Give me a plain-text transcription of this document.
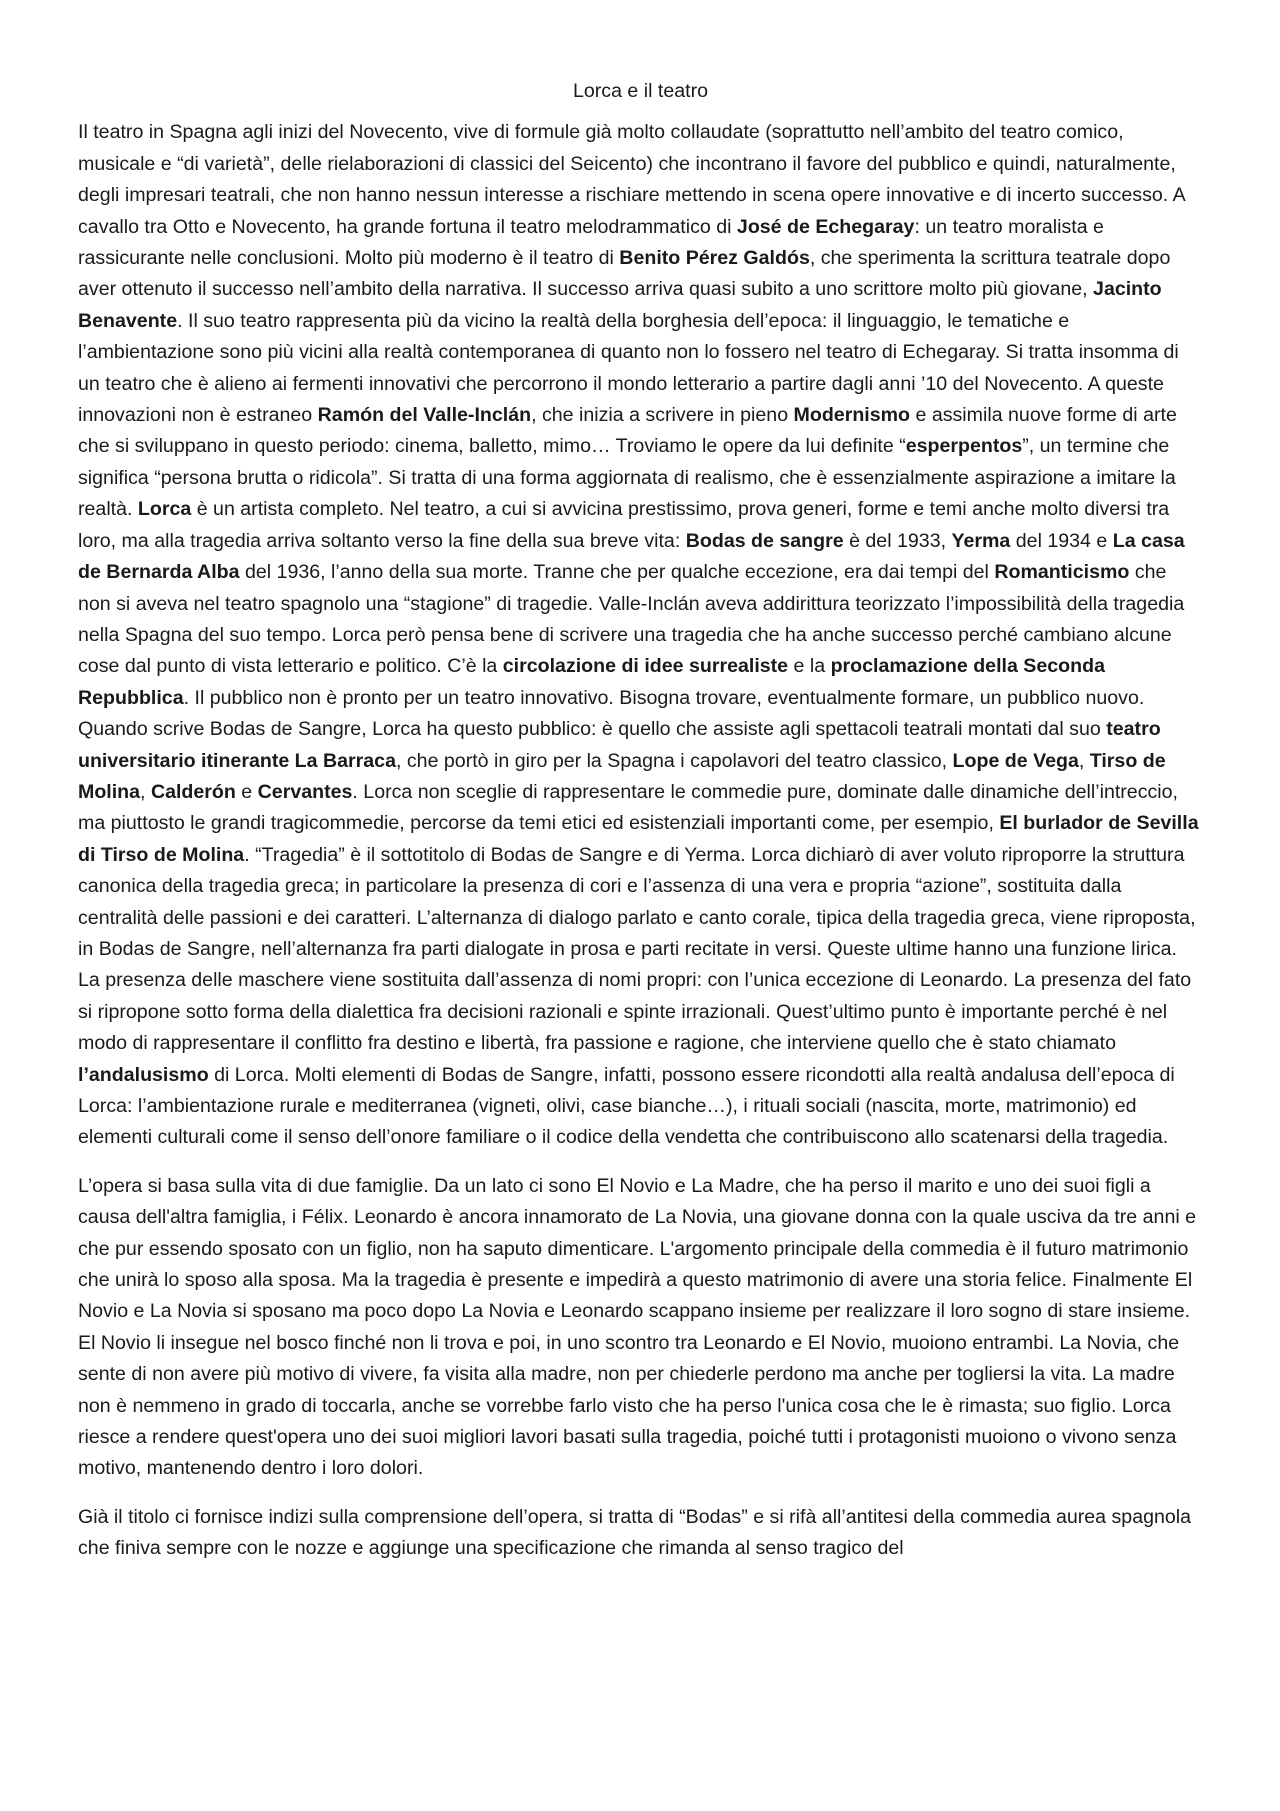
Lorca e il teatro

Il teatro in Spagna agli inizi del Novecento, vive di formule già molto collaudate (soprattutto nell’ambito del teatro comico, musicale e “di varietà”, delle rielaborazioni di classici del Seicento) che incontrano il favore del pubblico e quindi, naturalmente, degli impresari teatrali, che non hanno nessun interesse a rischiare mettendo in scena opere innovative e di incerto successo. A cavallo tra Otto e Novecento, ha grande fortuna il teatro melodrammatico di José de Echegaray: un teatro moralista e rassicurante nelle conclusioni. Molto più moderno è il teatro di Benito Pérez Galdós, che sperimenta la scrittura teatrale dopo aver ottenuto il successo nell’ambito della narrativa. Il successo arriva quasi subito a uno scrittore molto più giovane, Jacinto Benavente. Il suo teatro rappresenta più da vicino la realtà della borghesia dell’epoca: il linguaggio, le tematiche e l’ambientazione sono più vicini alla realtà contemporanea di quanto non lo fossero nel teatro di Echegaray. Si tratta insomma di un teatro che è alieno ai fermenti innovativi che percorrono il mondo letterario a partire dagli anni ’10 del Novecento. A queste innovazioni non è estraneo Ramón del Valle-Inclán, che inizia a scrivere in pieno Modernismo e assimila nuove forme di arte che si sviluppano in questo periodo: cinema, balletto, mimo… Troviamo le opere da lui definite “esperpentos”, un termine che significa “persona brutta o ridicola”. Si tratta di una forma aggiornata di realismo, che è essenzialmente aspirazione a imitare la realtà. Lorca è un artista completo. Nel teatro, a cui si avvicina prestissimo, prova generi, forme e temi anche molto diversi tra loro, ma alla tragedia arriva soltanto verso la fine della sua breve vita: Bodas de sangre è del 1933, Yerma del 1934 e La casa de Bernarda Alba del 1936, l’anno della sua morte. Tranne che per qualche eccezione, era dai tempi del Romanticismo che non si aveva nel teatro spagnolo una “stagione” di tragedie. Valle-Inclán aveva addirittura teorizzato l’impossibilità della tragedia nella Spagna del suo tempo. Lorca però pensa bene di scrivere una tragedia che ha anche successo perché cambiano alcune cose dal punto di vista letterario e politico. C’è la circolazione di idee surrealiste e la proclamazione della Seconda Repubblica. Il pubblico non è pronto per un teatro innovativo. Bisogna trovare, eventualmente formare, un pubblico nuovo. Quando scrive Bodas de Sangre, Lorca ha questo pubblico: è quello che assiste agli spettacoli teatrali montati dal suo teatro universitario itinerante La Barraca, che portò in giro per la Spagna i capolavori del teatro classico, Lope de Vega, Tirso de Molina, Calderón e Cervantes. Lorca non sceglie di rappresentare le commedie pure, dominate dalle dinamiche dell’intreccio, ma piuttosto le grandi tragicommedie, percorse da temi etici ed esistenziali importanti come, per esempio, El burlador de Sevilla di Tirso de Molina. “Tragedia” è il sottotitolo di Bodas de Sangre e di Yerma. Lorca dichiarò di aver voluto riproporre la struttura canonica della tragedia greca; in particolare la presenza di cori e l’assenza di una vera e propria “azione”, sostituita dalla centralità delle passioni e dei caratteri. L’alternanza di dialogo parlato e canto corale, tipica della tragedia greca, viene riproposta, in Bodas de Sangre, nell’alternanza fra parti dialogate in prosa e parti recitate in versi. Queste ultime hanno una funzione lirica. La presenza delle maschere viene sostituita dall’assenza di nomi propri: con l’unica eccezione di Leonardo. La presenza del fato si ripropone sotto forma della dialettica fra decisioni razionali e spinte irrazionali. Quest’ultimo punto è importante perché è nel modo di rappresentare il conflitto fra destino e libertà, fra passione e ragione, che interviene quello che è stato chiamato l’andalusismo di Lorca. Molti elementi di Bodas de Sangre, infatti, possono essere ricondotti alla realtà andalusa dell’epoca di Lorca: l’ambientazione rurale e mediterranea (vigneti, olivi, case bianche…), i rituali sociali (nascita, morte, matrimonio) ed elementi culturali come il senso dell’onore familiare o il codice della vendetta che contribuiscono allo scatenarsi della tragedia.

L’opera si basa sulla vita di due famiglie. Da un lato ci sono El Novio e La Madre, che ha perso il marito e uno dei suoi figli a causa dell'altra famiglia, i Félix. Leonardo è ancora innamorato de La Novia, una giovane donna con la quale usciva da tre anni e che pur essendo sposato con un figlio, non ha saputo dimenticare. L'argomento principale della commedia è il futuro matrimonio che unirà lo sposo alla sposa. Ma la tragedia è presente e impedirà a questo matrimonio di avere una storia felice. Finalmente El Novio e La Novia si sposano ma poco dopo La Novia e Leonardo scappano insieme per realizzare il loro sogno di stare insieme. El Novio li insegue nel bosco finché non li trova e poi, in uno scontro tra Leonardo e El Novio, muoiono entrambi. La Novia, che sente di non avere più motivo di vivere, fa visita alla madre, non per chiederle perdono ma anche per togliersi la vita. La madre non è nemmeno in grado di toccarla, anche se vorrebbe farlo visto che ha perso l'unica cosa che le è rimasta; suo figlio. Lorca riesce a rendere quest'opera uno dei suoi migliori lavori basati sulla tragedia, poiché tutti i protagonisti muoiono o vivono senza motivo, mantenendo dentro i loro dolori.

Già il titolo ci fornisce indizi sulla comprensione dell’opera, si tratta di “Bodas” e si rifà all’antitesi della commedia aurea spagnola che finiva sempre con le nozze e aggiunge una specificazione che rimanda al senso tragico del
